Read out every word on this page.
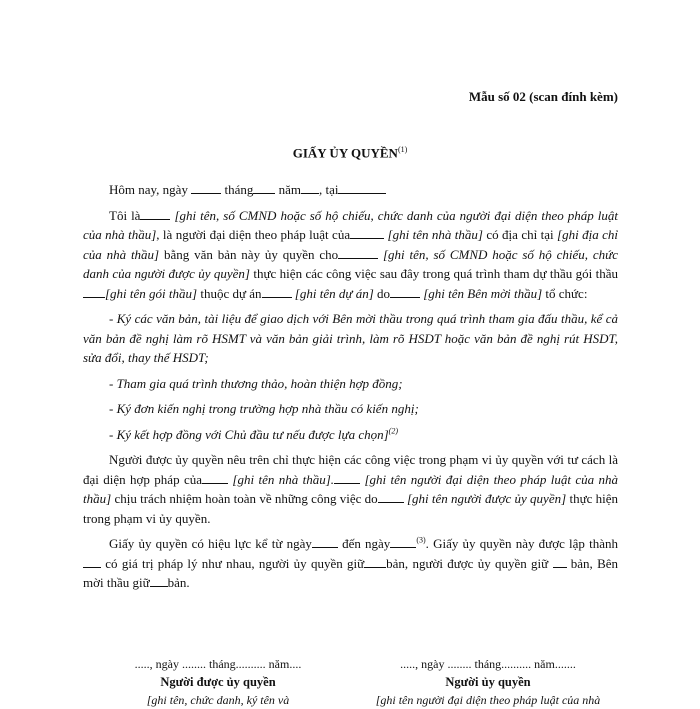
Mẫu số 02 (scan đính kèm)
GIẤY ỦY QUYỀN$^{(1)}$

Hôm nay, ngày	tháng năm , tại

Tôi là	[ghi tên, số CMND hoặc số hộ chiếu, chức danh của người đại diện theo pháp luật của nhà thầu], là người đại diện theo pháp luật của	[ghi tên nhà thầu] có địa chỉ tại [ghi địa chỉ của nhà thầu] bằng văn bản này ủy quyền cho	[ghi tên, số CMND hoặc số hộ chiếu, chức danh của người được ủy quyền] thực hiện các công việc sau đây trong quá trình tham dự thầu gói thầu [ghi tên gói thầu] thuộc dự án	[ghi tên dự án] do	[ghi tên Bên mời thầu] tổ chức:

- Ký các văn bản, tài liệu để giao dịch với Bên mời thầu trong quá trình tham gia đấu thầu, kể cả văn bản đề nghị làm rõ HSMT và văn bản giải trình, làm rõ HSDT hoặc văn bản đề nghị rút HSDT, sửa đổi, thay thế HSDT;

- Tham gia quá trình thương thảo, hoàn thiện hợp đồng;

- Ký đơn kiến nghị trong trường hợp nhà thầu có kiến nghị;

- Ký kết hợp đồng với Chủ đầu tư nếu được lựa chọn]$^{(2)}$

Người được ủy quyền nêu trên chỉ thực hiện các công việc trong phạm vi ủy quyền với tư cách là đại diện hợp pháp của [ghi tên nhà thầu]. [ghi tên người đại diện theo pháp luật của nhà thầu] chịu trách nhiệm hoàn toàn về những công việc do [ghi tên người được ủy quyền] thực hiện trong phạm vi ủy quyền.

Giấy ủy quyền có hiệu lực kể từ ngày đến ngày	$^{(3)}$. Giấy ủy quyền này được lập thành có giá trị pháp lý như nhau, người ủy quyền giữ bản, người được ủy quyền giữ bản, Bên mời thầu giữ bản.

....., ngày ........ tháng.......... năm....
Người được ủy quyền
[ghi tên, chức danh, ký tên và
....., ngày ........ tháng.......... năm.......
Người ủy quyền
[ghi tên người đại diện theo pháp luật của nhà
